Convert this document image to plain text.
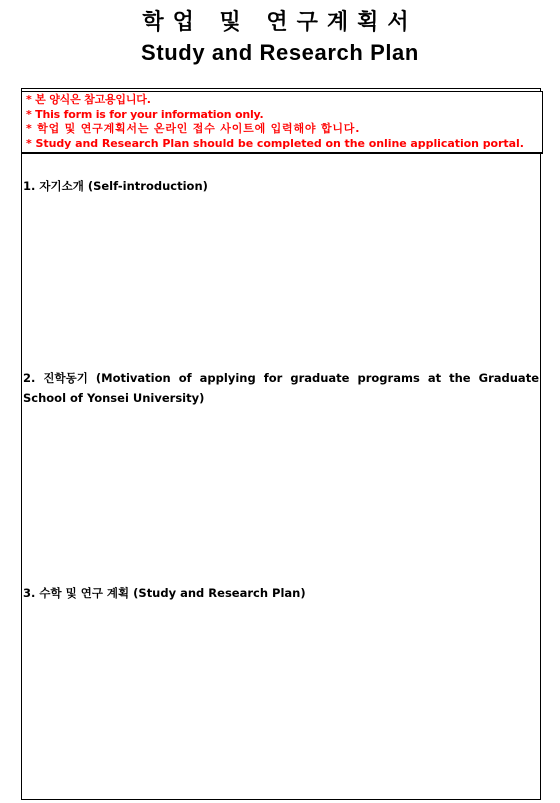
학업 및 연구계획서
Study and Research Plan
* 본 양식은 참고용입니다.
* This form is for your information only.
* 학업 및 연구계획서는 온라인 접수 사이트에 입력해야 합니다.
* Study and Research Plan should be completed on the online application portal.
1. 자기소개 (Self-introduction)
2. 진학동기 (Motivation of applying for graduate programs at the Graduate
School of Yonsei University)
3. 수학 및 연구 계획 (Study and Research Plan)
